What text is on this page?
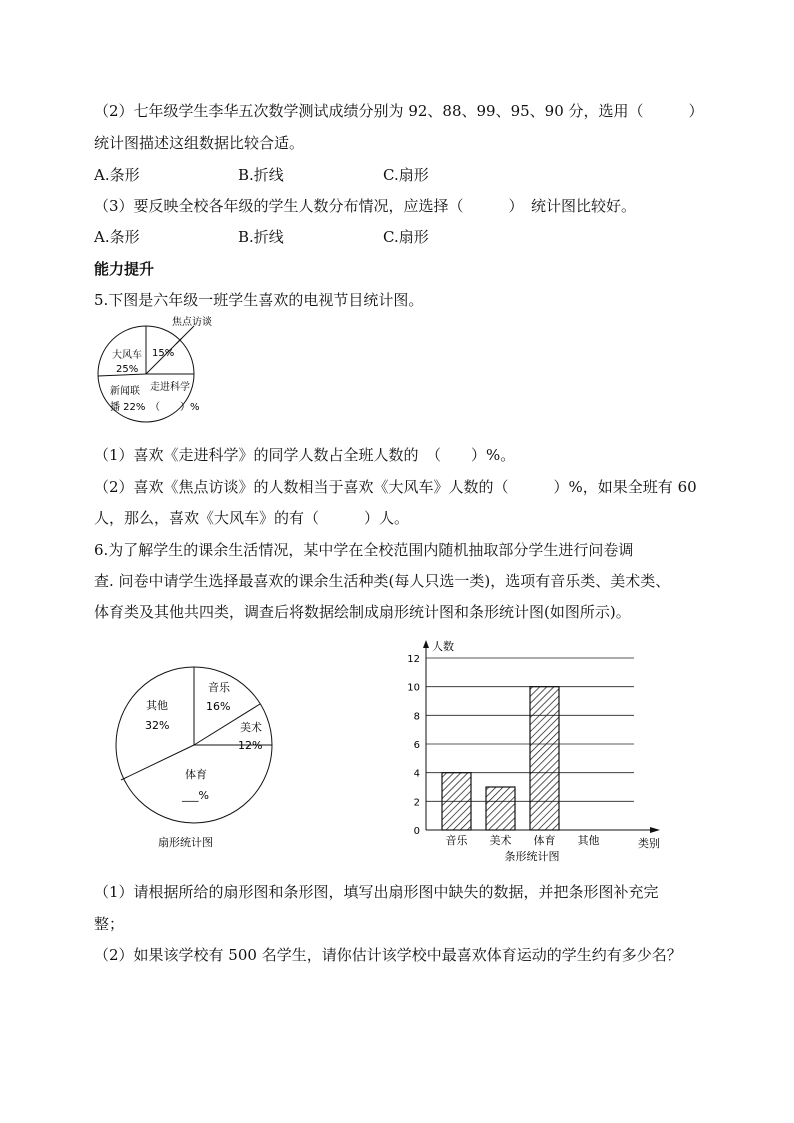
（2）七年级学生李华五次数学测试成绩分别为 92、88、99、95、90 分，选用（　　　）
统计图描述这组数据比较合适。
A.条形	B.折线	C.扇形
（3）要反映全校各年级的学生人数分布情况，应选择（　　　）　统计图比较好。
A.条形	B.折线	C.扇形
能力提升
5.下图是六年级一班学生喜欢的电视节目统计图。
焦点访谈
15%
大风车
25%
新闻联
播 22%
走进科学
（　　）%
（1）喜欢《走进科学》的同学人数占全班人数的　（　　）%。
（2）喜欢《焦点访谈》的人数相当于喜欢《大风车》人数的（　　　）%，如果全班有 60
人，那么，喜欢《大风车》的有（　　　）人。
6.为了解学生的课余生活情况，某中学在全校范围内随机抽取部分学生进行问卷调
查. 问卷中请学生选择最喜欢的课余生活种类(每人只选一类)，选项有音乐类、美术类、
体育类及其他共四类，调查后将数据绘制成扇形统计图和条形统计图(如图所示)。
其他
32%
音乐
16%
美术
12%
体育
___%
扇形统计图
0
2
4
6
8
10
12
人数
类别
音乐 美术 体育 其他
条形统计图
（1）请根据所给的扇形图和条形图，填写出扇形图中缺失的数据，并把条形图补充完
整；
（2）如果该学校有 500 名学生，请你估计该学校中最喜欢体育运动的学生约有多少名？
